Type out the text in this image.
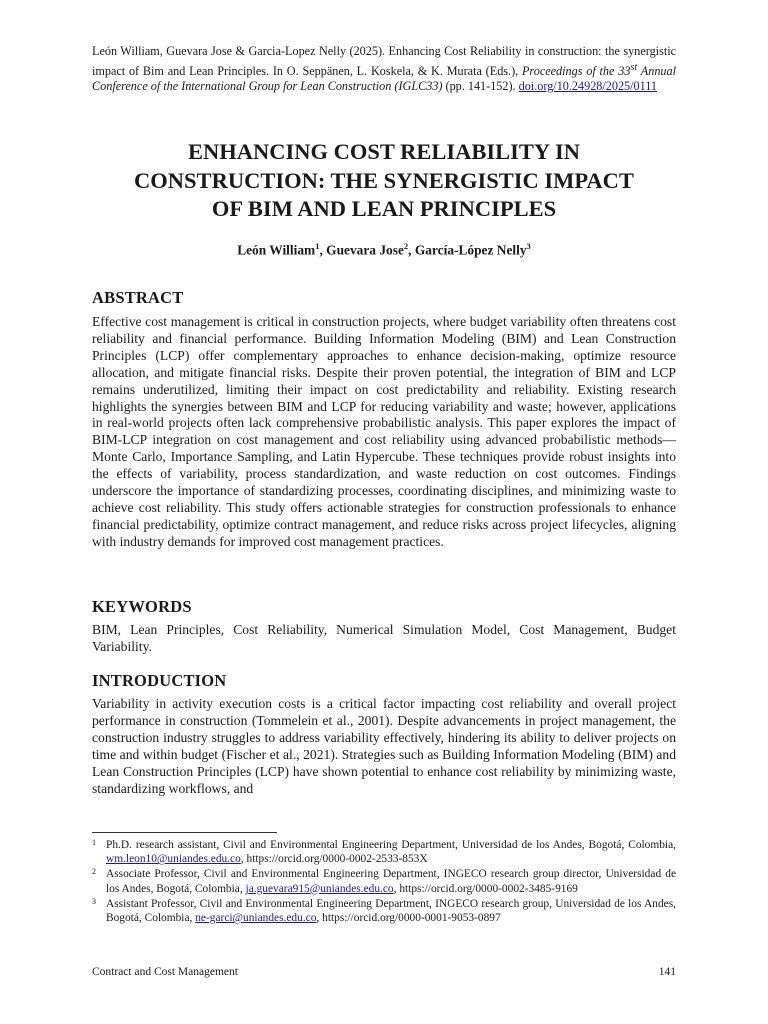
León William, Guevara Jose & Garcia-Lopez Nelly (2025). Enhancing Cost Reliability in construction: the synergistic impact of Bim and Lean Principles. In O. Seppänen, L. Koskela, & K. Murata (Eds.), Proceedings of the 33st Annual Conference of the International Group for Lean Construction (IGLC33) (pp. 141-152). doi.org/10.24928/2025/0111
ENHANCING COST RELIABILITY IN
CONSTRUCTION: THE SYNERGISTIC IMPACT
OF BIM AND LEAN PRINCIPLES
León William$^1$, Guevara Jose$^2$, García-López Nelly$^3$
ABSTRACT

Effective cost management is critical in construction projects, where budget variability often threatens cost reliability and financial performance. Building Information Modeling (BIM) and Lean Construction Principles (LCP) offer complementary approaches to enhance decision-making, optimize resource allocation, and mitigate financial risks. Despite their proven potential, the integration of BIM and LCP remains underutilized, limiting their impact on cost predictability and reliability. Existing research highlights the synergies between BIM and LCP for reducing variability and waste; however, applications in real-world projects often lack comprehensive probabilistic analysis. This paper explores the impact of BIM-LCP integration on cost management and cost reliability using advanced probabilistic methods—Monte Carlo, Importance Sampling, and Latin Hypercube. These techniques provide robust insights into the effects of variability, process standardization, and waste reduction on cost outcomes. Findings underscore the importance of standardizing processes, coordinating disciplines, and minimizing waste to achieve cost reliability. This study offers actionable strategies for construction professionals to enhance financial predictability, optimize contract management, and reduce risks across project lifecycles, aligning with industry demands for improved cost management practices.

KEYWORDS

BIM, Lean Principles, Cost Reliability, Numerical Simulation Model, Cost Management, Budget Variability.

INTRODUCTION

Variability in activity execution costs is a critical factor impacting cost reliability and overall project performance in construction (Tommelein et al., 2001). Despite advancements in project management, the construction industry struggles to address variability effectively, hindering its ability to deliver projects on time and within budget (Fischer et al., 2021). Strategies such as Building Information Modeling (BIM) and Lean Construction Principles (LCP) have shown potential to enhance cost reliability by minimizing waste, standardizing workflows, and

1 Ph.D. research assistant, Civil and Environmental Engineering Department, Universidad de los Andes, Bogotá, Colombia, wm.leon10@uniandes.edu.co, https://orcid.org/0000-0002-2533-853X

2 Associate Professor, Civil and Environmental Engineering Department, INGECO research group director, Universidad de los Andes, Bogotá, Colombia, ja.guevara915@uniandes.edu.co, https://orcid.org/0000-0002-3485-9169

3 Assistant Professor, Civil and Environmental Engineering Department, INGECO research group, Universidad de los Andes, Bogotá, Colombia, ne-garci@uniandes.edu.co, https://orcid.org/0000-0001-9053-0897

Contract and Cost Management	141
